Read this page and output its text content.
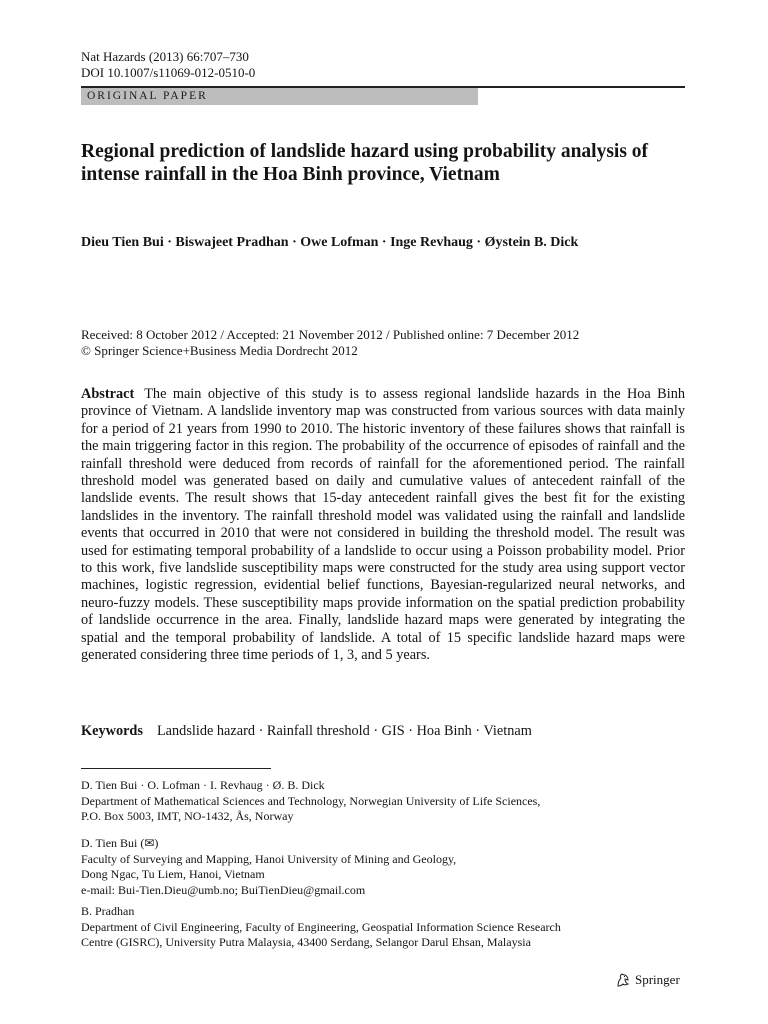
Nat Hazards (2013) 66:707–730
DOI 10.1007/s11069-012-0510-0
ORIGINAL PAPER
Regional prediction of landslide hazard using probability analysis of intense rainfall in the Hoa Binh province, Vietnam

Dieu Tien Bui · Biswajeet Pradhan · Owe Lofman · Inge Revhaug · Øystein B. Dick

Received: 8 October 2012 / Accepted: 21 November 2012 / Published online: 7 December 2012
© Springer Science+Business Media Dordrecht 2012

Abstract The main objective of this study is to assess regional landslide hazards in the Hoa Binh province of Vietnam. A landslide inventory map was constructed from various sources with data mainly for a period of 21 years from 1990 to 2010. The historic inventory of these failures shows that rainfall is the main triggering factor in this region. The probability of the occurrence of episodes of rainfall and the rainfall threshold were deduced from records of rainfall for the aforementioned period. The rainfall threshold model was generated based on daily and cumulative values of antecedent rainfall of the landslide events. The result shows that 15-day antecedent rainfall gives the best fit for the existing landslides in the inventory. The rainfall threshold model was validated using the rainfall and landslide events that occurred in 2010 that were not considered in building the threshold model. The result was used for estimating temporal probability of a landslide to occur using a Poisson probability model. Prior to this work, five landslide susceptibility maps were constructed for the study area using support vector machines, logistic regression, evidential belief functions, Bayesian-regularized neural networks, and neuro-fuzzy models. These susceptibility maps provide information on the spatial prediction probability of landslide occurrence in the area. Finally, landslide hazard maps were generated by integrating the spatial and the temporal probability of landslide. A total of 15 specific landslide hazard maps were generated considering three time periods of 1, 3, and 5 years.

Keywords Landslide hazard · Rainfall threshold · GIS · Hoa Binh · Vietnam
D. Tien Bui · O. Lofman · I. Revhaug · Ø. B. Dick
Department of Mathematical Sciences and Technology, Norwegian University of Life Sciences,
P.O. Box 5003, IMT, NO-1432, Ås, Norway
D. Tien Bui (✉)
Faculty of Surveying and Mapping, Hanoi University of Mining and Geology,
Dong Ngac, Tu Liem, Hanoi, Vietnam
e-mail: Bui-Tien.Dieu@umb.no; BuiTienDieu@gmail.com
B. Pradhan
Department of Civil Engineering, Faculty of Engineering, Geospatial Information Science Research
Centre (GISRC), University Putra Malaysia, 43400 Serdang, Selangor Darul Ehsan, Malaysia
Springer
